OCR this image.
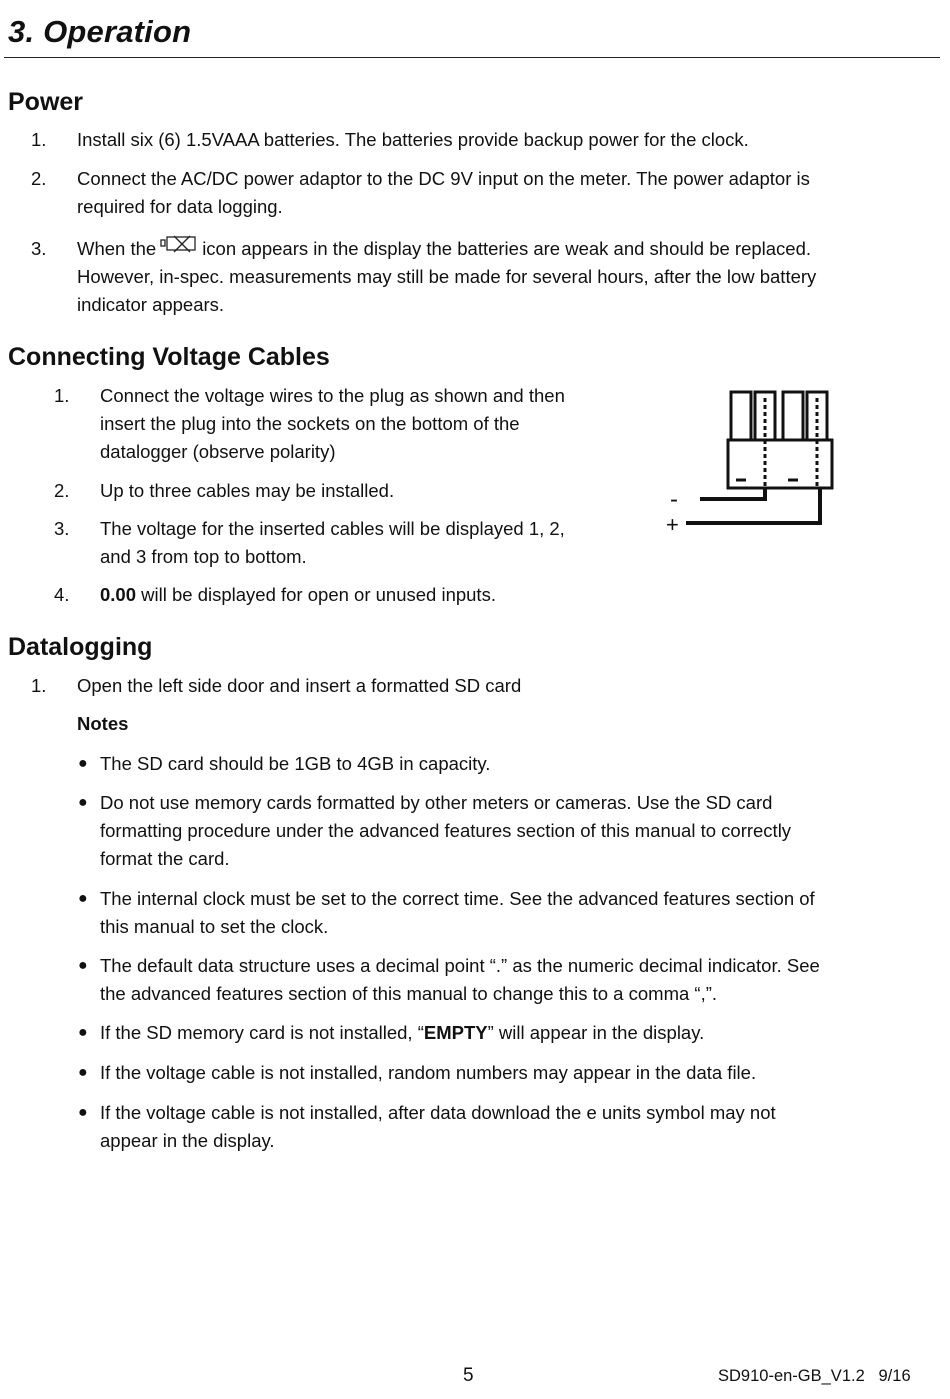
3. Operation
Power
1. Install six (6) 1.5VAAA batteries. The batteries provide backup power for the clock.
2. Connect the AC/DC power adaptor to the DC 9V input on the meter. The power adaptor is
required for data logging.
3. When the icon appears in the display the batteries are weak and should be replaced.
However, in-spec. measurements may still be made for several hours, after the low battery
indicator appears.
Connecting Voltage Cables
1. Connect the voltage wires to the plug as shown and then
insert the plug into the sockets on the bottom of the
datalogger (observe polarity)
2. Up to three cables may be installed.
3. The voltage for the inserted cables will be displayed 1, 2,
and 3 from top to bottom.
4. 0.00 will be displayed for open or unused inputs.
-
+
Datalogging
1. Open the left side door and insert a formatted SD card
Notes
● The SD card should be 1GB to 4GB in capacity.
● Do not use memory cards formatted by other meters or cameras. Use the SD card
formatting procedure under the advanced features section of this manual to correctly
format the card.
● The internal clock must be set to the correct time. See the advanced features section of
this manual to set the clock.
● The default data structure uses a decimal point “.” as the numeric decimal indicator. See
the advanced features section of this manual to change this to a comma “,”.
● If the SD memory card is not installed, “EMPTY” will appear in the display.
● If the voltage cable is not installed, random numbers may appear in the data file.
● If the voltage cable is not installed, after data download the e units symbol may not
appear in the display.
5	SD910-en-GB_V1.2   9/16
